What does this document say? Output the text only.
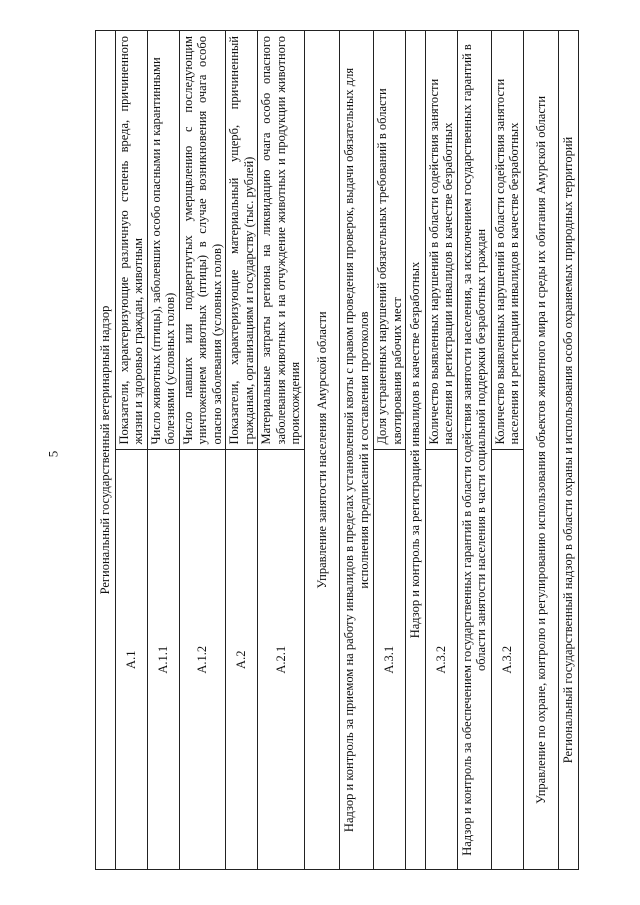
5	Региональный государственный ветеринарный надзор	
А.1	Показатели, характеризующие различную степень вреда, причиненного жизни и здоровью граждан, животным
А.1.1	Число животных (птицы), заболевших особо опасными и карантинными болезнями (условных голов)
А.1.2	Число павших или подвергнутых умерщвлению с последующим уничтожением животных (птицы) в случае возникновения очага особо опасно заболевания (условных голов)
А.2	Показатели, характеризующие материальный ущерб, причиненный гражданам, организациям и государству (тыс. рублей)
А.2.1	Материальные затраты региона на ликвидацию очага особо опасного заболевания животных и на отчуждение животных и продукции животного происхождения
Управление занятости населения Амурской области	
Надзор и контроль за приемом на работу инвалидов в пределах установленной квоты с правом проведения проверок, выдачи обязательных для исполнения предписаний и составления протоколов	
А.3.1	Доля устраненных нарушений обязательных требований в области квотирования рабочих мест
Надзор и контроль за регистрацией инвалидов в качестве безработных	
А.3.2	Количество выявленных нарушений в области содействия занятости населения и регистрации инвалидов в качестве безработных
Надзор и контроль за обеспечением государственных гарантий в области содействия занятости населения, за исключением государственных гарантий в области занятости населения в части социальной поддержки безработных граждан	
А.3.2	Количество выявленных нарушений в области содействия занятости населения и регистрации инвалидов в качестве безработных
Управление по охране, контролю и регулированию использования объектов животного мира и среды их обитания Амурской области	
Региональный государственный надзор в области охраны и использования особо охраняемых природных территорий	
